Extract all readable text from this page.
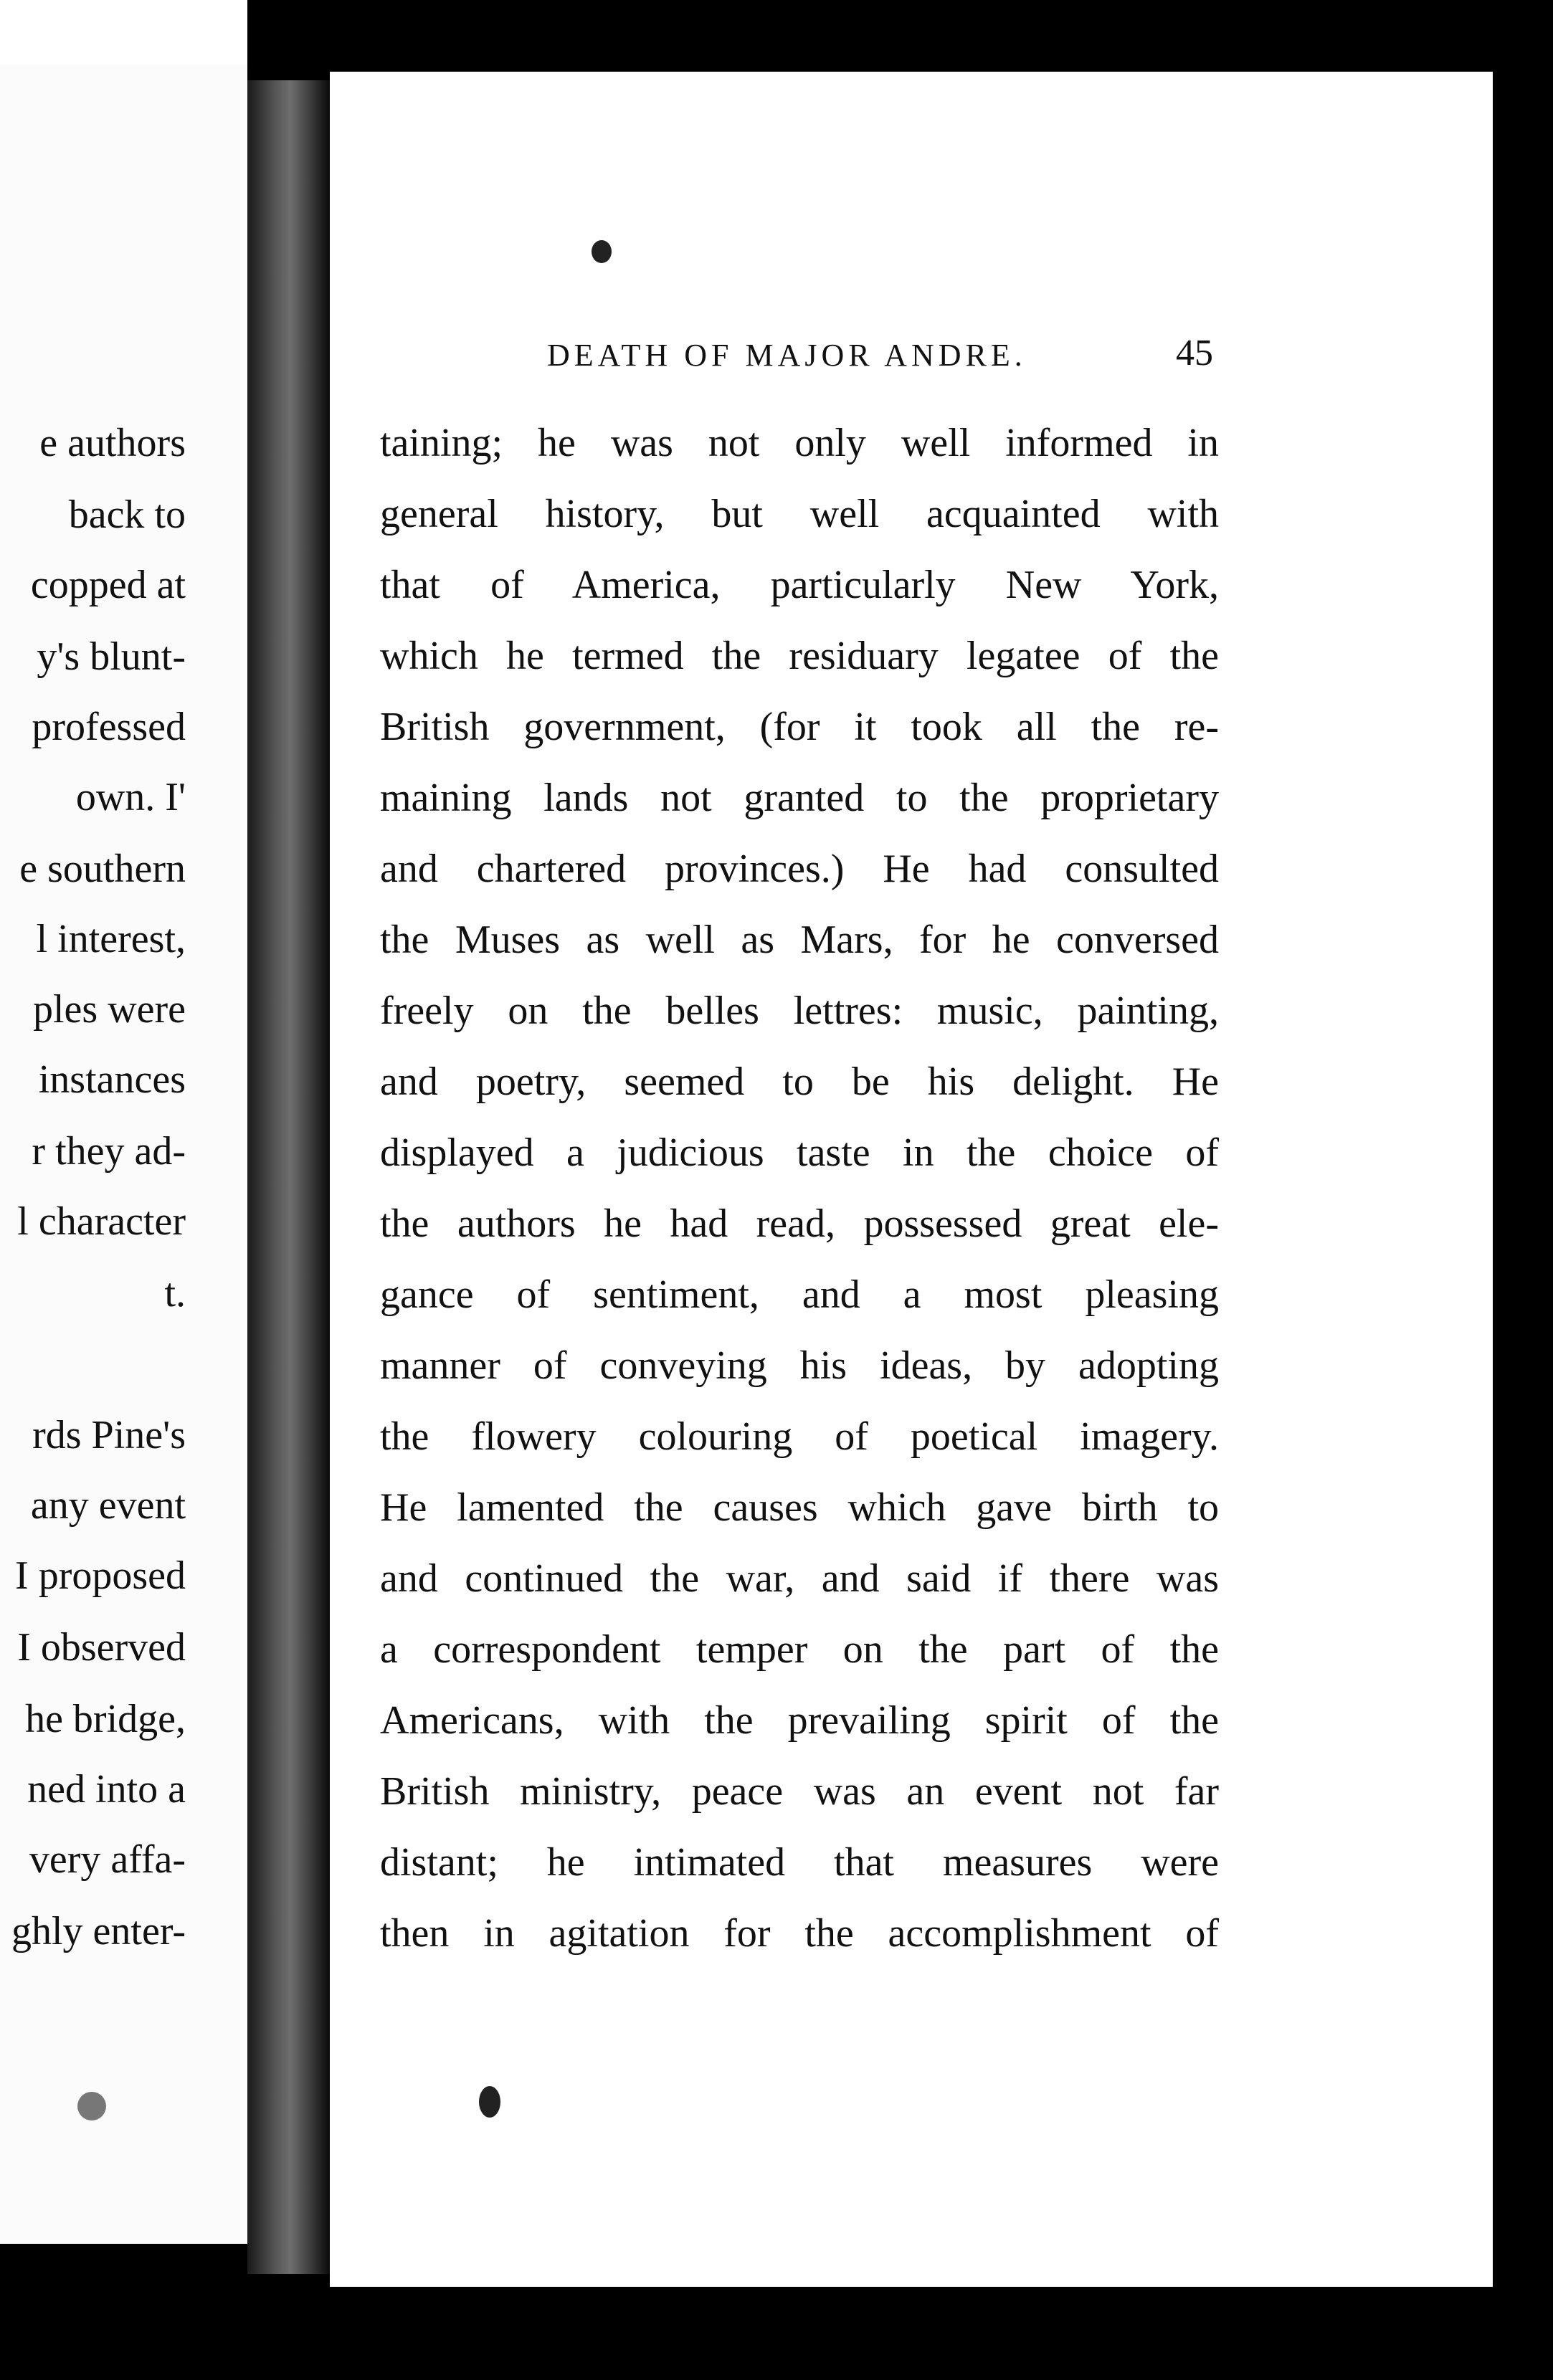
e authors
back to
copped at
y's blunt-
professed
own. I'
e southern
l interest,
ples were
instances
r they ad-
l character
t.
rds Pine's
any event
I proposed
I observed
he bridge,
ned into a
very affa-
ghly enter-
DEATH OF MAJOR ANDRE.	45
taining; he was not only well informed in
general history, but well acquainted with
that of America, particularly New York,
which he termed the residuary legatee of the
British government, (for it took all the re-
maining lands not granted to the proprietary
and chartered provinces.) He had consulted
the Muses as well as Mars, for he conversed
freely on the belles lettres: music, painting,
and poetry, seemed to be his delight. He
displayed a judicious taste in the choice of
the authors he had read, possessed great ele-
gance of sentiment, and a most pleasing
manner of conveying his ideas, by adopting
the flowery colouring of poetical imagery.
He lamented the causes which gave birth to
and continued the war, and said if there was
a correspondent temper on the part of the
Americans, with the prevailing spirit of the
British ministry, peace was an event not far
distant; he intimated that measures were
then in agitation for the accomplishment of
